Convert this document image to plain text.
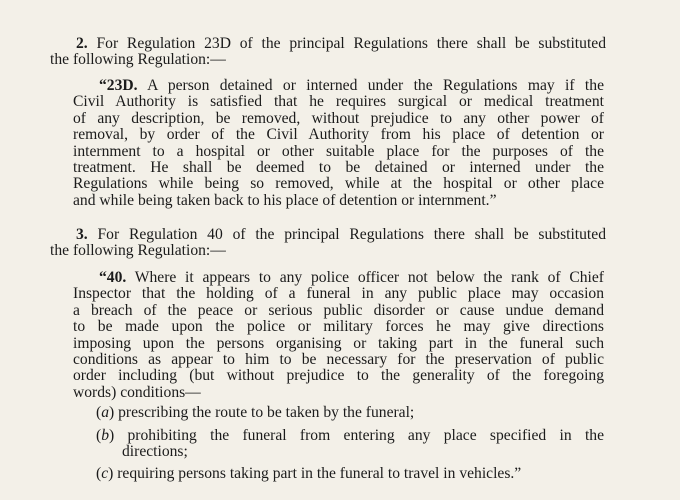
2. For Regulation 23D of the principal Regulations there shall be substituted
the following Regulation:—
“23D. A person detained or interned under the Regulations may if the
Civil Authority is satisfied that he requires surgical or medical treatment
of any description, be removed, without prejudice to any other power of
removal, by order of the Civil Authority from his place of detention or
internment to a hospital or other suitable place for the purposes of the
treatment. He shall be deemed to be detained or interned under the
Regulations while being so removed, while at the hospital or other place
and while being taken back to his place of detention or internment.”
3. For Regulation 40 of the principal Regulations there shall be substituted
the following Regulation:—
“40. Where it appears to any police officer not below the rank of Chief
Inspector that the holding of a funeral in any public place may occasion
a breach of the peace or serious public disorder or cause undue demand
to be made upon the police or military forces he may give directions
imposing upon the persons organising or taking part in the funeral such
conditions as appear to him to be necessary for the preservation of public
order including (but without prejudice to the generality of the foregoing
words) conditions—
(a) prescribing the route to be taken by the funeral;
(b) prohibiting the funeral from entering any place specified in the
directions;
(c) requiring persons taking part in the funeral to travel in vehicles.”
